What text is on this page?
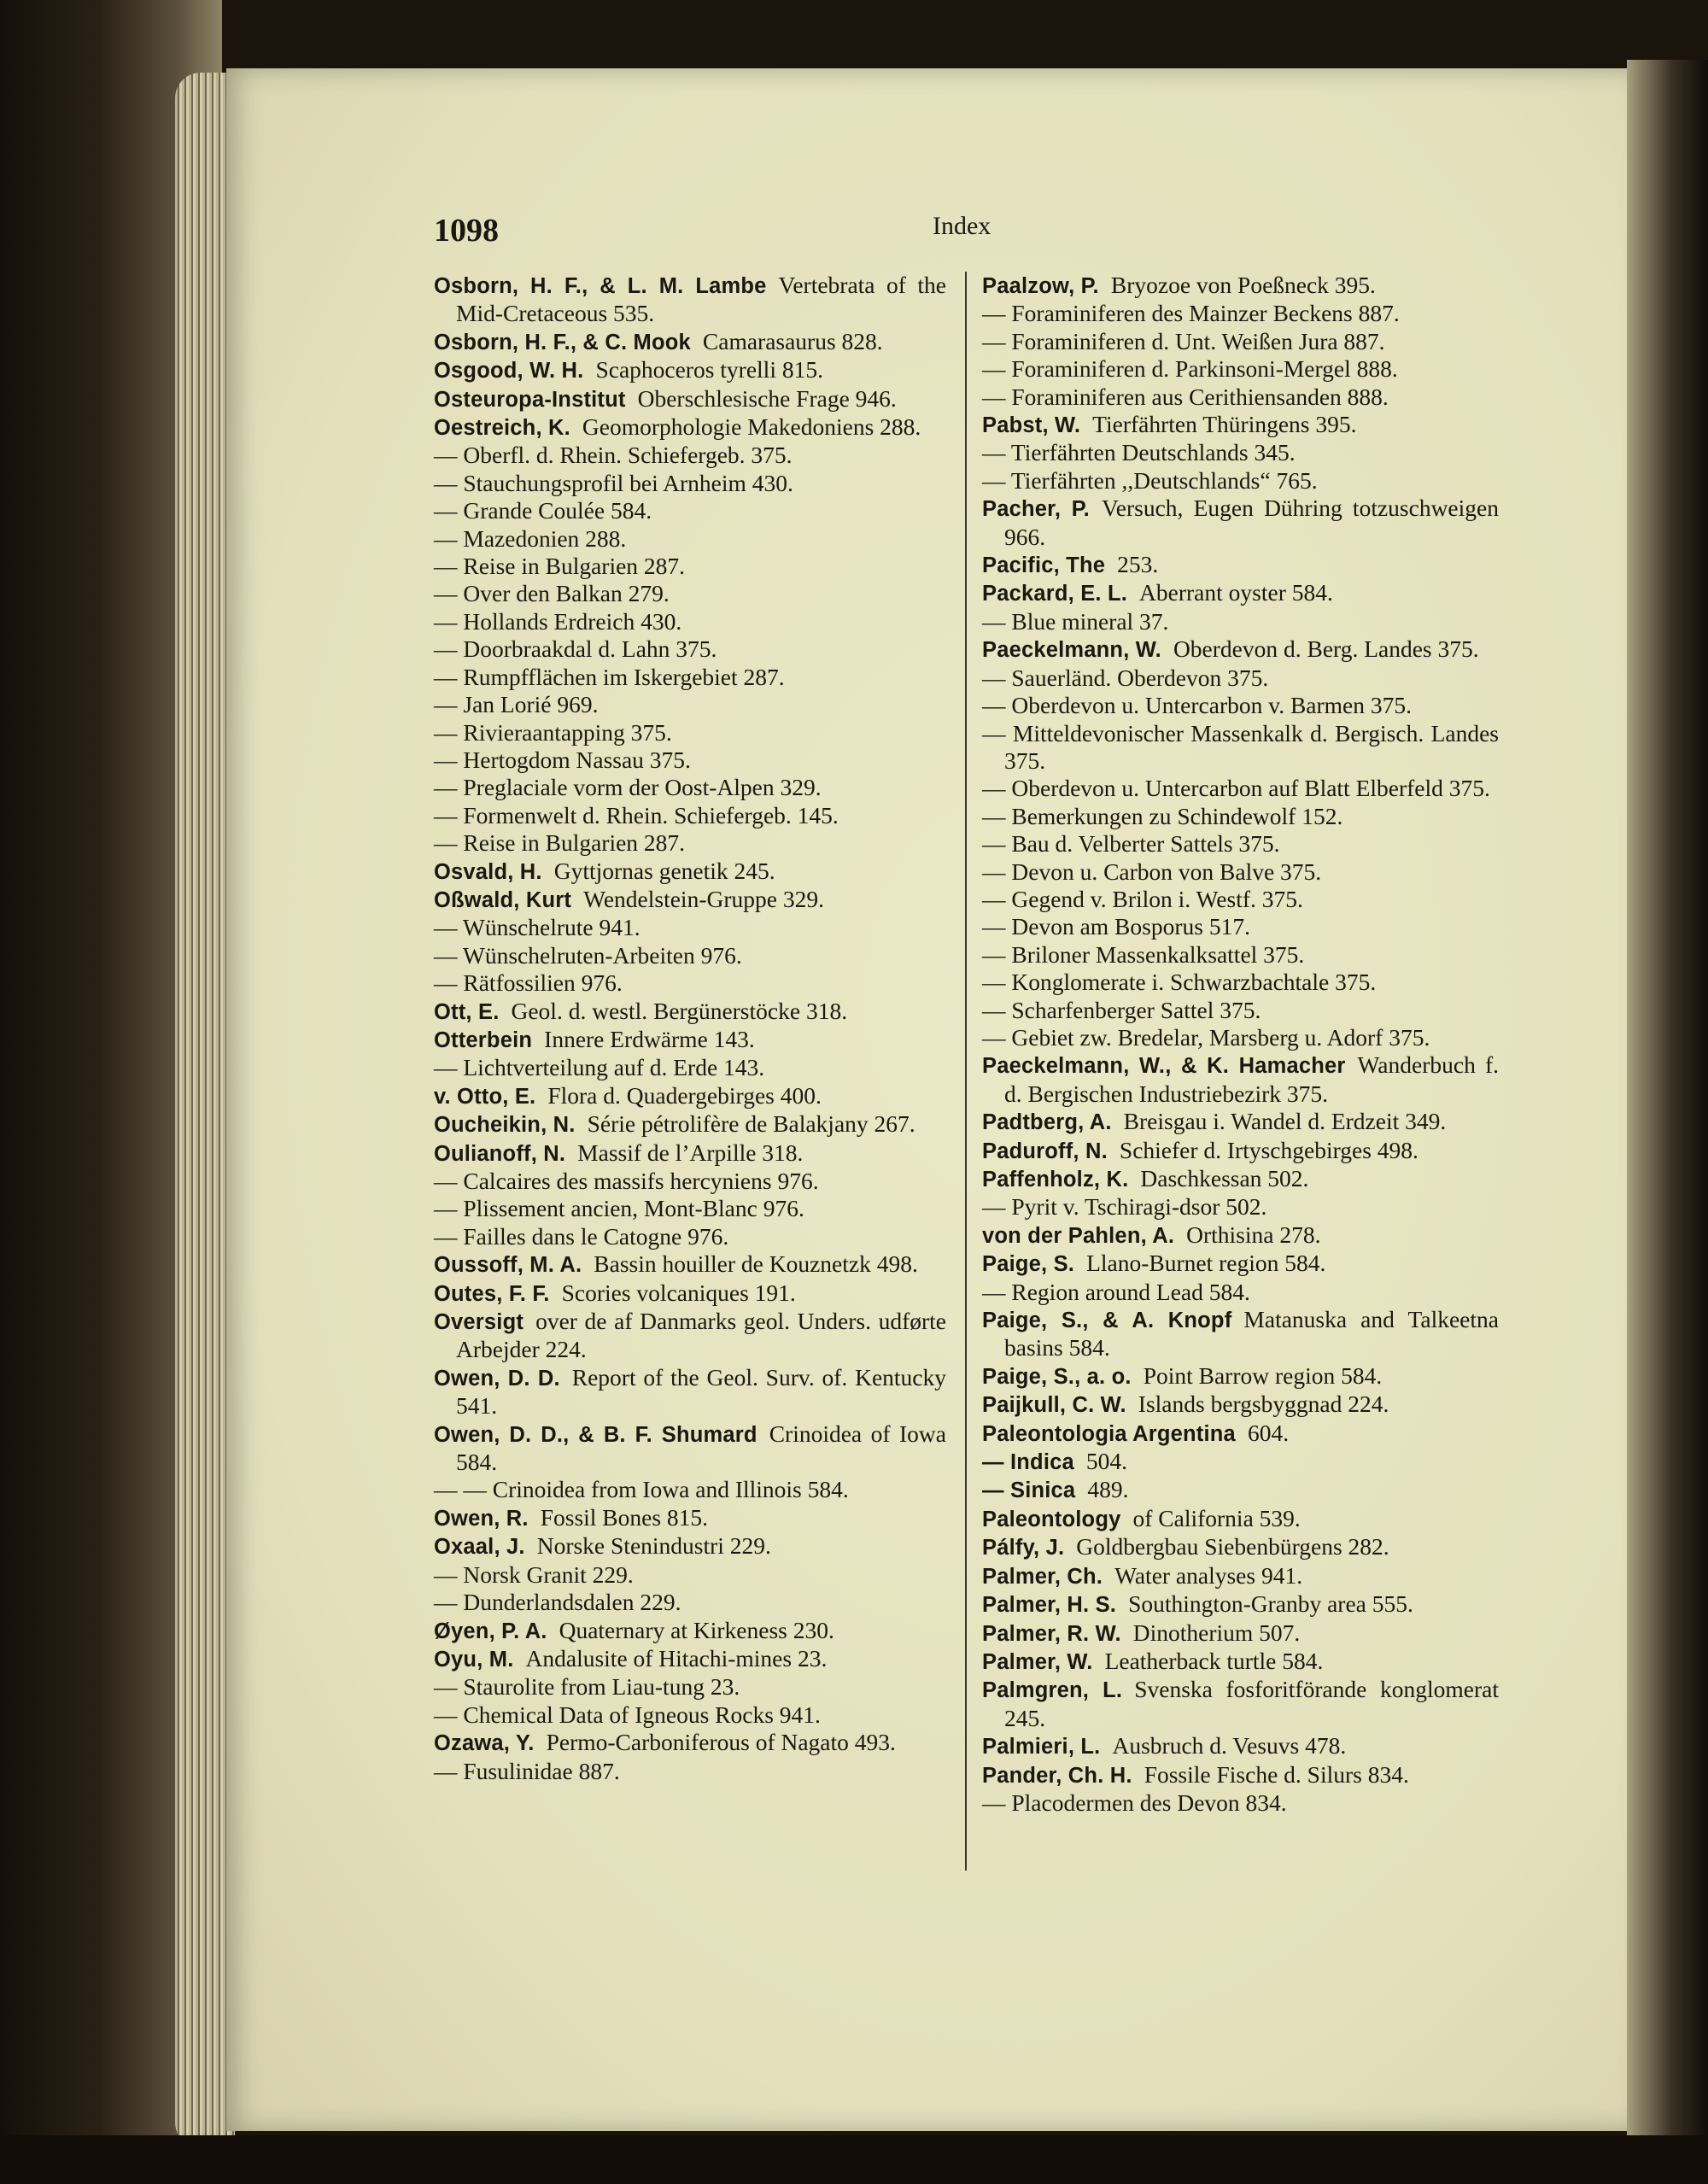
1098	Index
Osborn, H. F., & L. M. Lambe Vertebrata of the Mid-Cretaceous 535.
Osborn, H. F., & C. Mook Camarasaurus 828.
Osgood, W. H. Scaphoceros tyrelli 815.
Osteuropa-Institut Oberschlesische Frage 946.
Oestreich, K. Geomorphologie Makedoniens 288.
— Oberfl. d. Rhein. Schiefergeb. 375.
— Stauchungsprofil bei Arnheim 430.
— Grande Coulée 584.
— Mazedonien 288.
— Reise in Bulgarien 287.
— Over den Balkan 279.
— Hollands Erdreich 430.
— Doorbraakdal d. Lahn 375.
— Rumpfflächen im Iskergebiet 287.
— Jan Lorié 969.
— Rivieraantapping 375.
— Hertogdom Nassau 375.
— Preglaciale vorm der Oost-Alpen 329.
— Formenwelt d. Rhein. Schiefergeb. 145.
— Reise in Bulgarien 287.
Osvald, H. Gyttjornas genetik 245.
Oßwald, Kurt Wendelstein-Gruppe 329.
— Wünschelrute 941.
— Wünschelruten-Arbeiten 976.
— Rätfossilien 976.
Ott, E. Geol. d. westl. Bergünerstöcke 318.
Otterbein Innere Erdwärme 143.
— Lichtverteilung auf d. Erde 143.
v. Otto, E. Flora d. Quadergebirges 400.
Oucheikin, N. Série pétrolifère de Balakjany 267.
Oulianoff, N. Massif de l’Arpille 318.
— Calcaires des massifs hercyniens 976.
— Plissement ancien, Mont-Blanc 976.
— Failles dans le Catogne 976.
Oussoff, M. A. Bassin houiller de Kouznetzk 498.
Outes, F. F. Scories volcaniques 191.
Oversigt over de af Danmarks geol. Unders. udførte Arbejder 224.
Owen, D. D. Report of the Geol. Surv. of. Kentucky 541.
Owen, D. D., & B. F. Shumard Crinoidea of Iowa 584.
— — Crinoidea from Iowa and Illinois 584.
Owen, R. Fossil Bones 815.
Oxaal, J. Norske Stenindustri 229.
— Norsk Granit 229.
— Dunderlandsdalen 229.
Øyen, P. A. Quaternary at Kirkeness 230.
Oyu, M. Andalusite of Hitachi-mines 23.
— Staurolite from Liau-tung 23.
— Chemical Data of Igneous Rocks 941.
Ozawa, Y. Permo-Carboniferous of Nagato 493.
— Fusulinidae 887.
Paalzow, P. Bryozoe von Poeßneck 395.
— Foraminiferen des Mainzer Beckens 887.
— Foraminiferen d. Unt. Weißen Jura 887.
— Foraminiferen d. Parkinsoni-Mergel 888.
— Foraminiferen aus Cerithiensanden 888.
Pabst, W. Tierfährten Thüringens 395.
— Tierfährten Deutschlands 345.
— Tierfährten ,,Deutschlands“ 765.
Pacher, P. Versuch, Eugen Dühring totzuschweigen 966.
Pacific, The 253.
Packard, E. L. Aberrant oyster 584.
— Blue mineral 37.
Paeckelmann, W. Oberdevon d. Berg. Landes 375.
— Sauerländ. Oberdevon 375.
— Oberdevon u. Untercarbon v. Barmen 375.
— Mitteldevonischer Massenkalk d. Bergisch. Landes 375.
— Oberdevon u. Untercarbon auf Blatt Elberfeld 375.
— Bemerkungen zu Schindewolf 152.
— Bau d. Velberter Sattels 375.
— Devon u. Carbon von Balve 375.
— Gegend v. Brilon i. Westf. 375.
— Devon am Bosporus 517.
— Briloner Massenkalksattel 375.
— Konglomerate i. Schwarzbachtale 375.
— Scharfenberger Sattel 375.
— Gebiet zw. Bredelar, Marsberg u. Adorf 375.
Paeckelmann, W., & K. Hamacher Wanderbuch f. d. Bergischen Industriebezirk 375.
Padtberg, A. Breisgau i. Wandel d. Erdzeit 349.
Paduroff, N. Schiefer d. Irtyschgebirges 498.
Paffenholz, K. Daschkessan 502.
— Pyrit v. Tschiragi-dsor 502.
von der Pahlen, A. Orthisina 278.
Paige, S. Llano-Burnet region 584.
— Region around Lead 584.
Paige, S., & A. Knopf Matanuska and Talkeetna basins 584.
Paige, S., a. o. Point Barrow region 584.
Paijkull, C. W. Islands bergsbyggnad 224.
Paleontologia Argentina 604.
— Indica 504.
— Sinica 489.
Paleontology of California 539.
Pálfy, J. Goldbergbau Siebenbürgens 282.
Palmer, Ch. Water analyses 941.
Palmer, H. S. Southington-Granby area 555.
Palmer, R. W. Dinotherium 507.
Palmer, W. Leatherback turtle 584.
Palmgren, L. Svenska fosforitförande konglomerat 245.
Palmieri, L. Ausbruch d. Vesuvs 478.
Pander, Ch. H. Fossile Fische d. Silurs 834.
— Placodermen des Devon 834.
